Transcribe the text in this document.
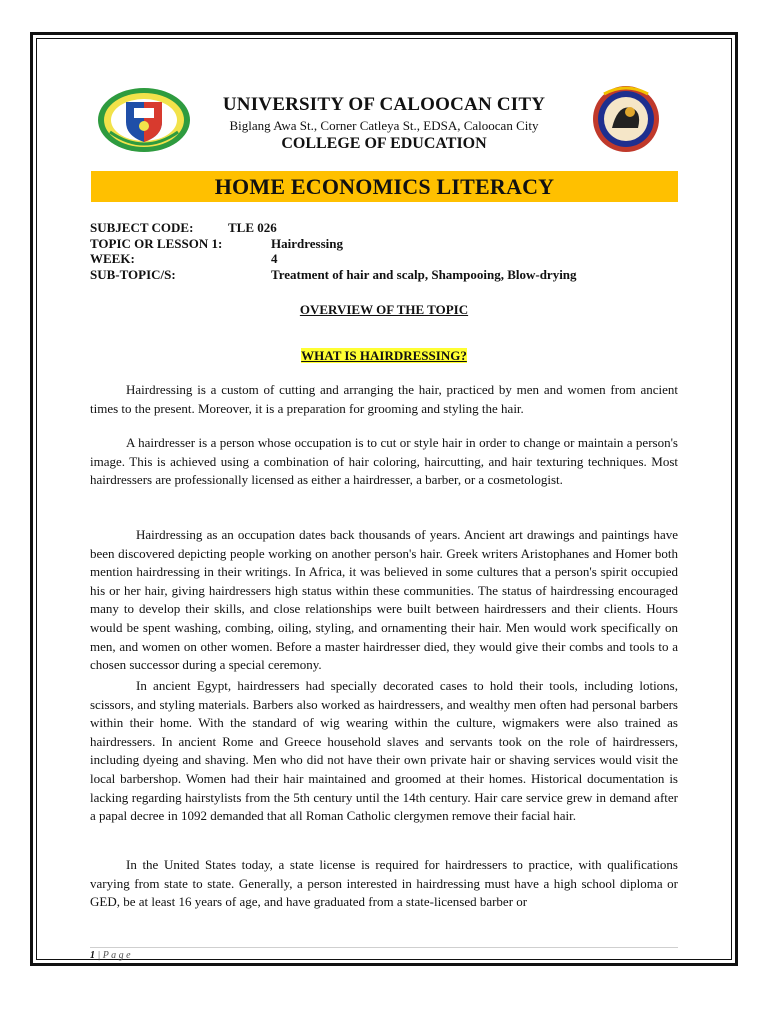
UNIVERSITY OF CALOOCAN CITY
Biglang Awa St., Corner Catleya St., EDSA, Caloocan City
COLLEGE OF EDUCATION
HOME ECONOMICS LITERACY
SUBJECT CODE:	TLE 026
TOPIC OR LESSON 1:	Hairdressing
WEEK:	4
SUB-TOPIC/S:	Treatment of hair and scalp, Shampooing, Blow-drying
OVERVIEW OF THE TOPIC
WHAT IS HAIRDRESSING?

Hairdressing is a custom of cutting and arranging the hair, practiced by men and women from ancient times to the present. Moreover, it is a preparation for grooming and styling the hair.

A hairdresser is a person whose occupation is to cut or style hair in order to change or maintain a person's image. This is achieved using a combination of hair coloring, haircutting, and hair texturing techniques. Most hairdressers are professionally licensed as either a hairdresser, a barber, or a cosmetologist.

Hairdressing as an occupation dates back thousands of years. Ancient art drawings and paintings have been discovered depicting people working on another person's hair. Greek writers Aristophanes and Homer both mention hairdressing in their writings. In Africa, it was believed in some cultures that a person's spirit occupied his or her hair, giving hairdressers high status within these communities. The status of hairdressing encouraged many to develop their skills, and close relationships were built between hairdressers and their clients. Hours would be spent washing, combing, oiling, styling, and ornamenting their hair. Men would work specifically on men, and women on other women. Before a master hairdresser died, they would give their combs and tools to a chosen successor during a special ceremony.

In ancient Egypt, hairdressers had specially decorated cases to hold their tools, including lotions, scissors, and styling materials. Barbers also worked as hairdressers, and wealthy men often had personal barbers within their home. With the standard of wig wearing within the culture, wigmakers were also trained as hairdressers. In ancient Rome and Greece household slaves and servants took on the role of hairdressers, including dyeing and shaving. Men who did not have their own private hair or shaving services would visit the local barbershop. Women had their hair maintained and groomed at their homes. Historical documentation is lacking regarding hairstylists from the 5th century until the 14th century. Hair care service grew in demand after a papal decree in 1092 demanded that all Roman Catholic clergymen remove their facial hair.

In the United States today, a state license is required for hairdressers to practice, with qualifications varying from state to state. Generally, a person interested in hairdressing must have a high school diploma or GED, be at least 16 years of age, and have graduated from a state-licensed barber or

1 | P a g e
